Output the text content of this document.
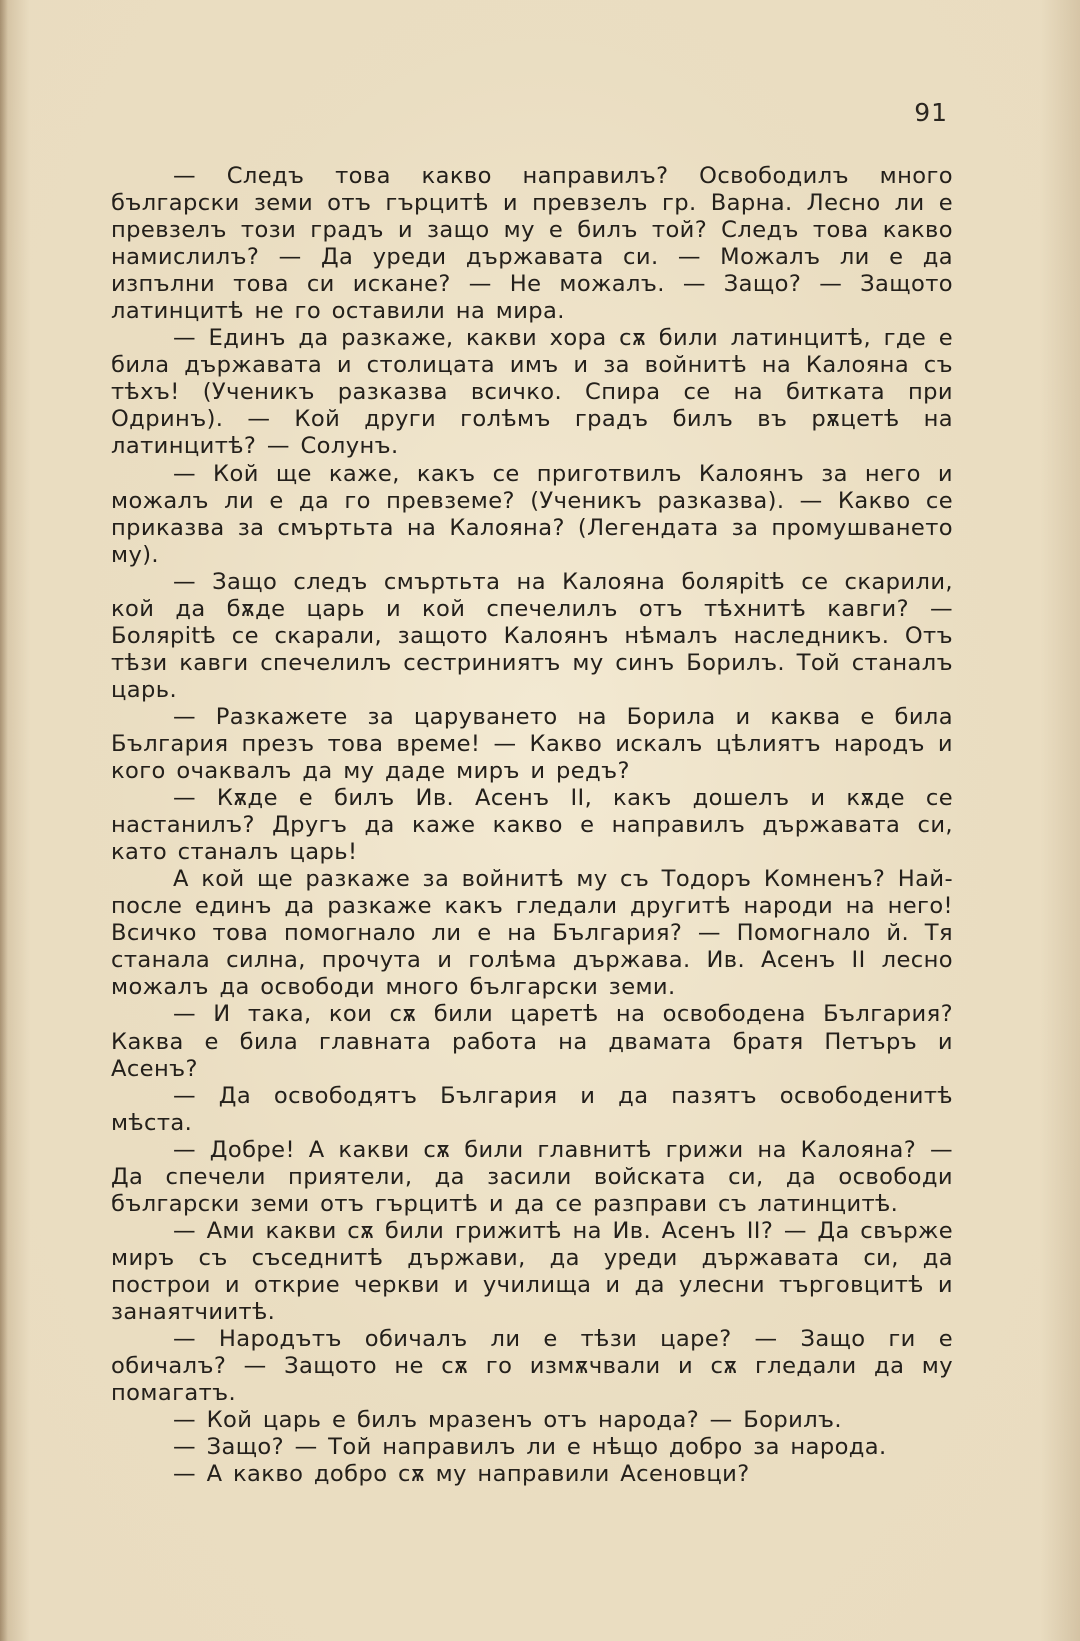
91

— Следъ това какво направилъ? Освободилъ много български земи отъ гърцитѣ и превзелъ гр. Варна. Лесно ли е превзелъ този градъ и защо му е билъ той? Следъ това какво намислилъ? — Да уреди държавата си. — Можалъ ли е да изпълни това си искане? — Не можалъ. — Защо? — Защото латинцитѣ не го оставили на мира.

— Единъ да разкаже, какви хора сѫ били латинцитѣ, где е била държавата и столицата имъ и за войнитѣ на Калояна съ тѣхъ! (Ученикъ разказва всичко. Спира се на битката при Одринъ). — Кой други голѣмъ градъ билъ въ рѫцетѣ на латинцитѣ? — Солунъ.

— Кой ще каже, какъ се приготвилъ Калоянъ за него и можалъ ли е да го превземе? (Ученикъ разказва). — Какво се приказва за смъртьта на Калояна? (Легендата за промушването му).

— Защо следъ смъртьта на Калояна болярitѣ се скарили, кой да бѫде царь и кой спечелилъ отъ тѣхнитѣ кавги? — Болярitѣ се скарали, защото Калоянъ нѣмалъ наследникъ. Отъ тѣзи кавги спечелилъ сестриниятъ му синъ Борилъ. Той станалъ царь.

— Разкажете за царуването на Борила и каква е била България презъ това време! — Какво искалъ цѣлиятъ народъ и кого очаквалъ да му даде миръ и редъ?

— Кѫде е билъ Ив. Асенъ II, какъ дошелъ и кѫде се настанилъ? Другъ да каже какво е направилъ държавата си, като станалъ царь!

А кой ще разкаже за войнитѣ му съ Тодоръ Комненъ? Най-после единъ да разкаже какъ гледали другитѣ народи на него! Всичко това помогнало ли е на България? — Помогнало й. Тя станала силна, прочута и голѣма държава. Ив. Асенъ II лесно можалъ да освободи много български земи.

— И така, кои сѫ били царетѣ на освободена България? Каква е била главната работа на двамата братя Петъръ и Асенъ?

— Да освободятъ България и да пазятъ освободенитѣ мѣста.

— Добре! А какви сѫ били главнитѣ грижи на Калояна? — Да спечели приятели, да засили войската си, да освободи български земи отъ гърцитѣ и да се разправи съ латинцитѣ.

— Ами какви сѫ били грижитѣ на Ив. Асенъ II? — Да свърже миръ съ съседнитѣ държави, да уреди държавата си, да построи и открие черкви и училища и да улесни търговцитѣ и занаятчиитѣ.

— Народътъ обичалъ ли е тѣзи царе? — Защо ги е обичалъ? — Защото не сѫ го измѫчвали и сѫ гледали да му помагатъ.

— Кой царь е билъ мразенъ отъ народа? — Борилъ.

— Защо? — Той направилъ ли е нѣщо добро за народа.

— А какво добро сѫ му направили Асеновци?
